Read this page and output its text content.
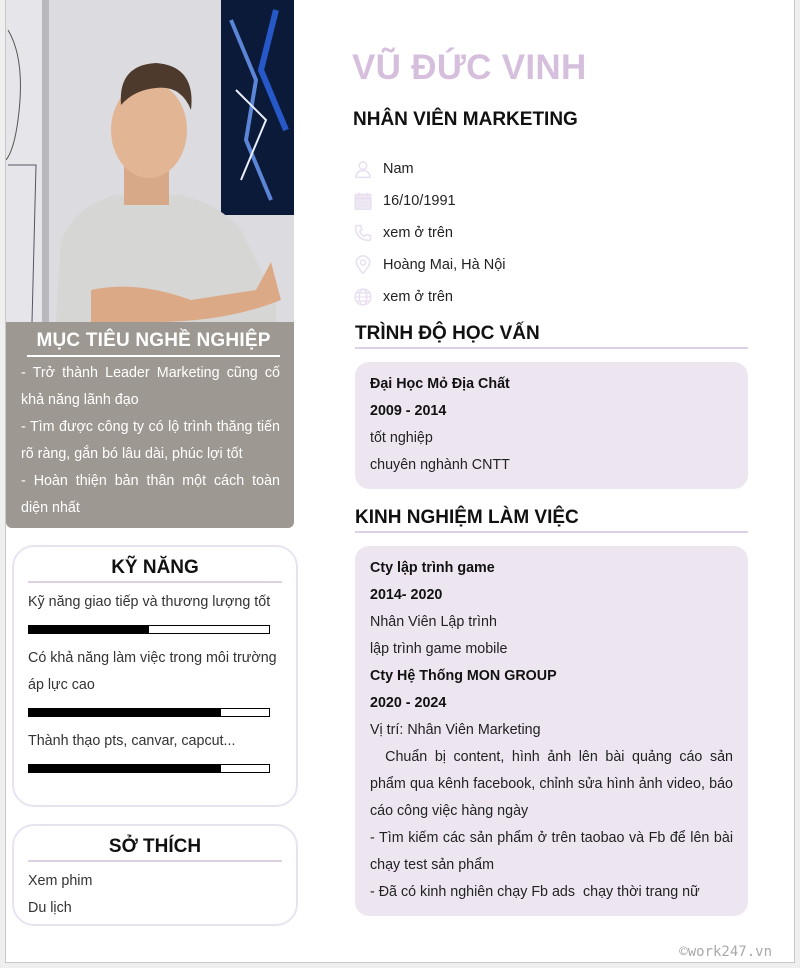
MỤC TIÊU NGHỀ NGHIỆP

- Trở thành Leader Marketing cũng cố khả năng lãnh đạo

- Tìm được công ty có lộ trình thăng tiến rõ ràng, gắn bó lâu dài, phúc lợi tốt

- Hoàn thiện bản thân một cách toàn diện nhất

KỸ NĂNG
Kỹ năng giao tiếp và thương lượng tốt
Có khả năng làm việc trong môi trường áp lực cao
Thành thạo pts, canvar, capcut...
SỞ THÍCH
Xem phim
Du lịch
VŨ ĐỨC VINH
NHÂN VIÊN MARKETING
Nam
16/10/1991
xem ở trên
Hoàng Mai, Hà Nội
xem ở trên
TRÌNH ĐỘ HỌC VẤN
Đại Học Mỏ Địa Chất
2009 - 2014
tốt nghiệp
chuyên nghành CNTT
KINH NGHIỆM LÀM VIỆC
Cty lập trình game
2014- 2020
Nhân Viên Lập trình
lập trình game mobile
Cty Hệ Thống MON GROUP
2020 - 2024
Vị trí: Nhân Viên Marketing
Chuẩn bị content, hình ảnh lên bài quảng cáo sản phẩm qua kênh facebook, chỉnh sửa hình ảnh video, báo cáo công việc hàng ngày
- Tìm kiếm các sản phẩm ở trên taobao và Fb để lên bài chạy test sản phẩm
- Đã có kinh nghiên chạy Fb ads  chạy thời trang nữ
©work247.vn
